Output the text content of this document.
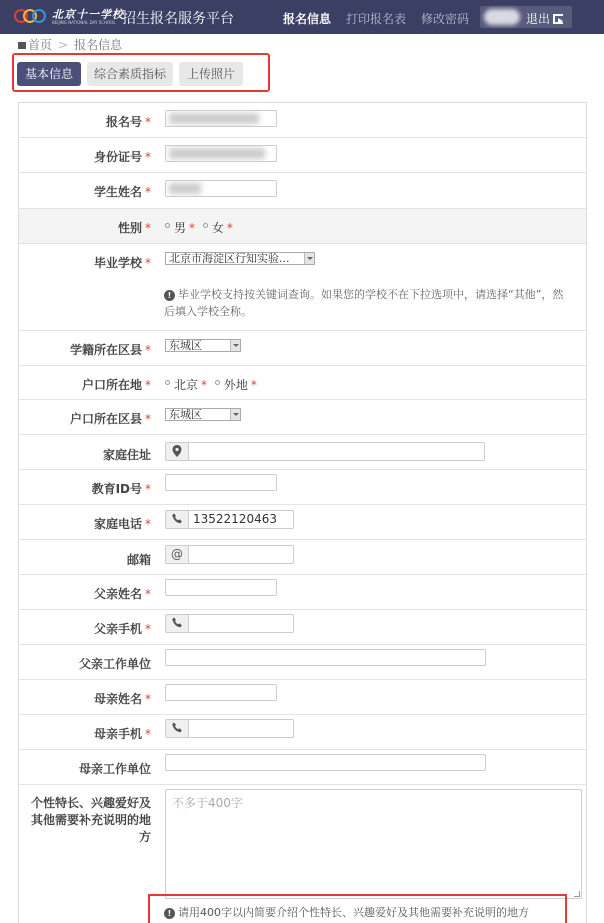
北京十一学校
BEIJING NATIONAL DAY SCHOOL 招生报名服务平台	报名信息 打印报名表 修改密码	退出
首页 > 报名信息
基本信息	综合素质指标	上传照片
报名号 *
身份证号 *
学生姓名 *
性别 *	男 * 女 *
毕业学校 *	北京市海淀区行知实验...
! 毕业学校支持按关键词查询。如果您的学校不在下拉选项中，请选择“其他”，然后填入学校全称。
学籍所在区县 *	东城区
户口所在地 *	北京 * 外地 *
户口所在区县 *	东城区
家庭住址
教育ID号 *
家庭电话 *	13522120463
邮箱	@
父亲姓名 *
父亲手机 *
父亲工作单位
母亲姓名 *
母亲手机 *
母亲工作单位
个性特长、兴趣爱好及
其他需要补充说明的地
方
不多于400字
! 请用400字以内简要介绍个性特长、兴趣爱好及其他需要补充说明的地方
